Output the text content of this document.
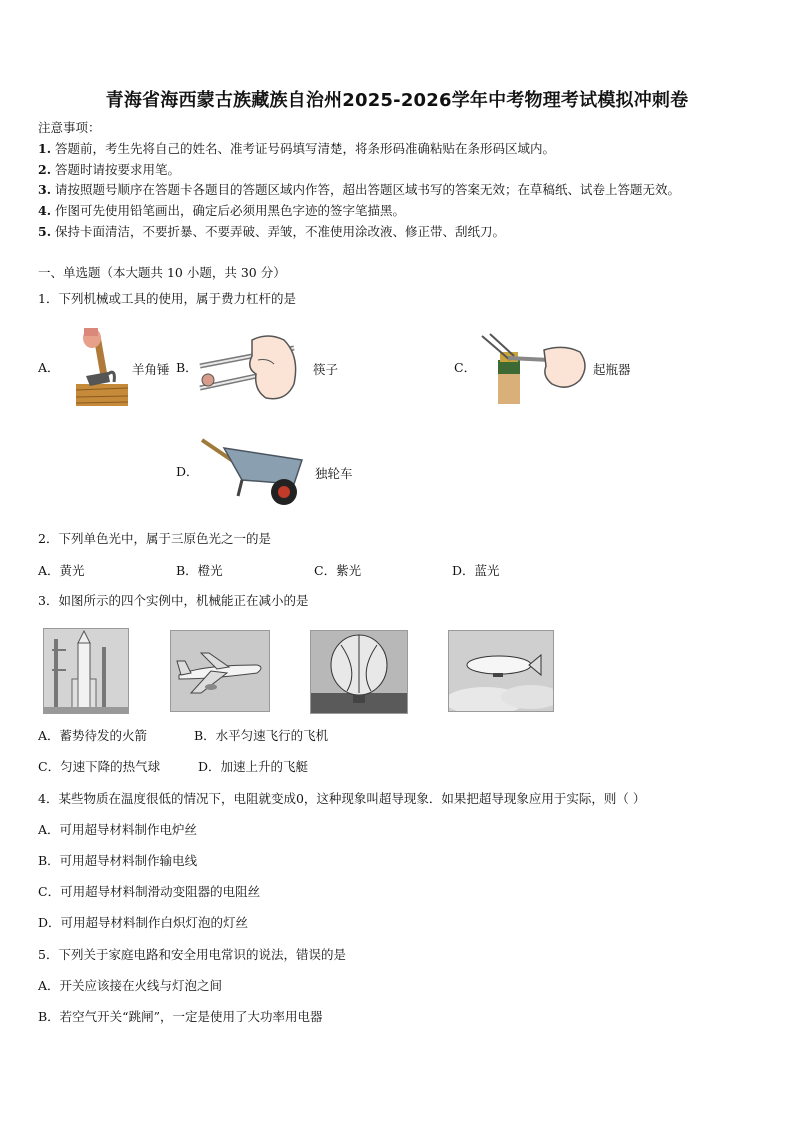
青海省海西蒙古族藏族自治州2025-2026学年中考物理考试模拟冲刺卷
注意事项：
1. 答题前，考生先将自己的姓名、准考证号码填写清楚，将条形码准确粘贴在条形码区域内。
2. 答题时请按要求用笔。
3. 请按照题号顺序在答题卡各题目的答题区域内作答，超出答题区域书写的答案无效；在草稿纸、试卷上答题无效。
4. 作图可先使用铅笔画出，确定后必须用黑色字迹的签字笔描黑。
5. 保持卡面清洁，不要折暴、不要弄破、弄皱，不准使用涂改液、修正带、刮纸刀。
一、单选题（本大题共 10 小题，共 30 分）
1．下列机械或工具的使用，属于费力杠杆的是
A．	羊角锤 B．	筷子	C．	起瓶器
D．	独轮车
2．下列单色光中，属于三原色光之一的是
A．黄光	B．橙光	C．紫光	D．蓝光
3．如图所示的四个实例中，机械能正在减小的是
A．蓄势待发的火箭	B．水平匀速飞行的飞机
C．匀速下降的热气球	D．加速上升的飞艇
4．某些物质在温度很低的情况下，电阻就变成0，这种现象叫超导现象．如果把超导现象应用于实际，则（ ）
A．可用超导材料制作电炉丝
B．可用超导材料制作输电线
C．可用超导材料制滑动变阻器的电阻丝
D．可用超导材料制作白炽灯泡的灯丝
5．下列关于家庭电路和安全用电常识的说法，错误的是
A．开关应该接在火线与灯泡之间
B．若空气开关“跳闸”，一定是使用了大功率用电器
